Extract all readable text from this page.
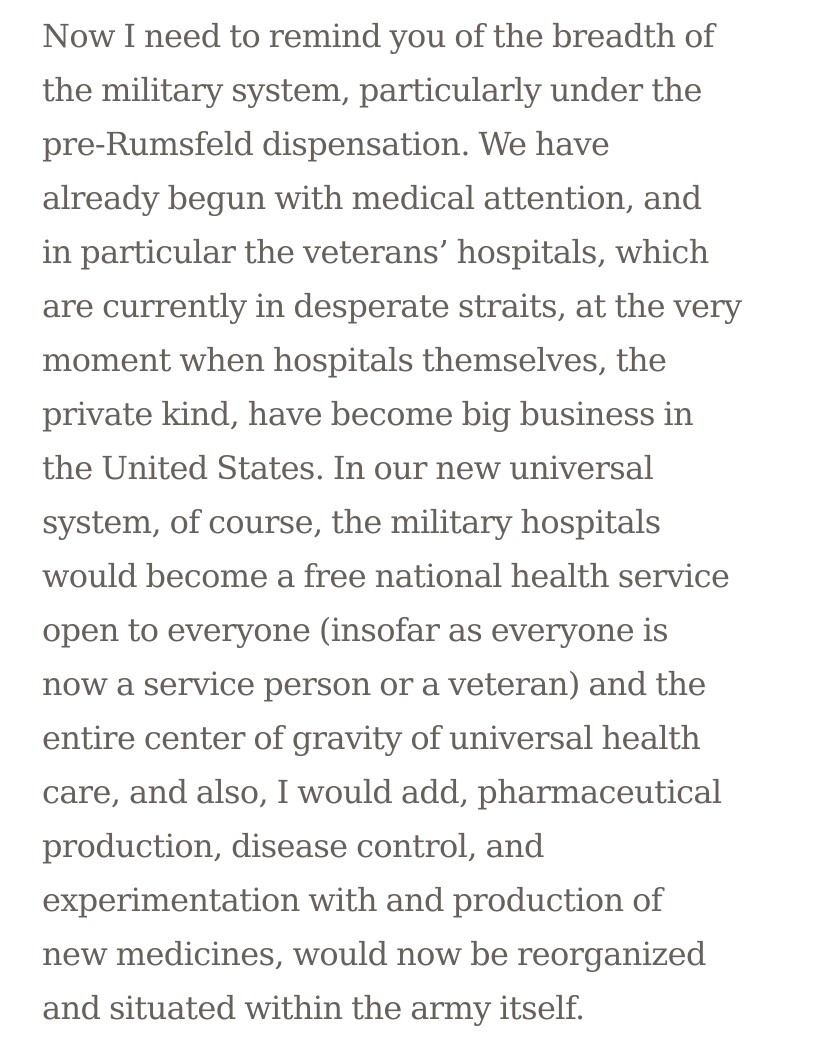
Now I need to remind you of the breadth of
the military system, particularly under the
pre-Rumsfeld dispensation. We have
already begun with medical attention, and
in particular the veterans’ hospitals, which
are currently in desperate straits, at the very
moment when hospitals themselves, the
private kind, have become big business in
the United States. In our new universal
system, of course, the military hospitals
would become a free national health service
open to everyone (insofar as everyone is
now a service person or a veteran) and the
entire center of gravity of universal health
care, and also, I would add, pharmaceutical
production, disease control, and
experimentation with and production of
new medicines, would now be reorganized
and situated within the army itself.
